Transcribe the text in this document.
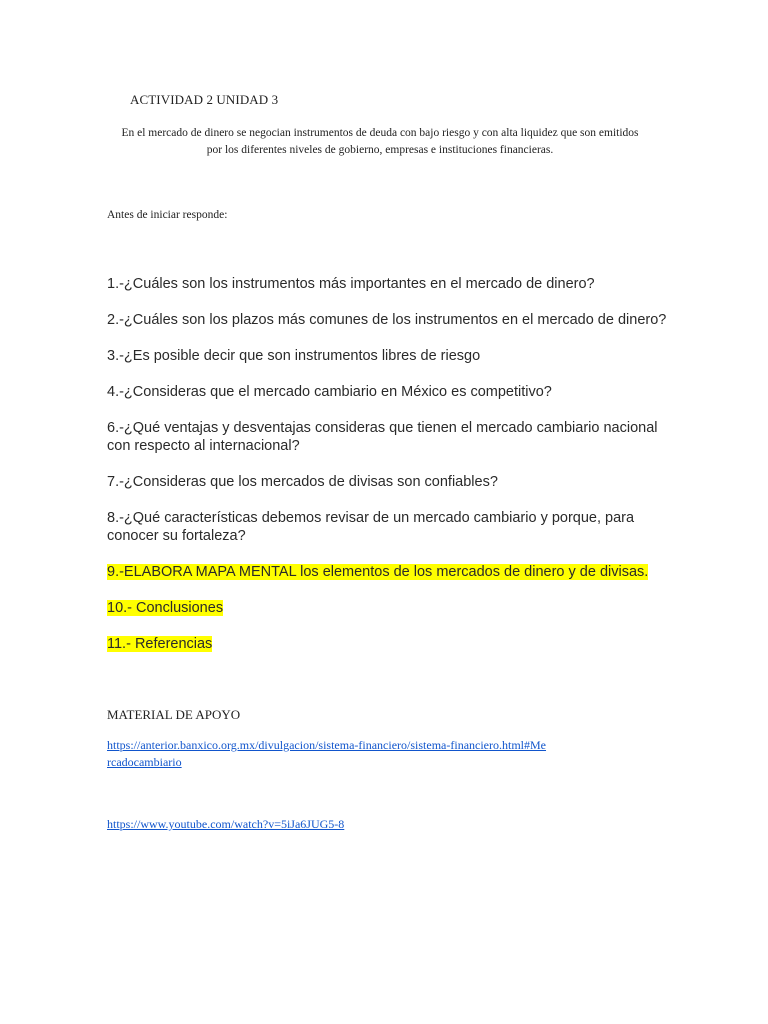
ACTIVIDAD 2 UNIDAD 3
En el mercado de dinero se negocian instrumentos de deuda con bajo riesgo y con alta liquidez que son emitidos por los diferentes niveles de gobierno, empresas e instituciones financieras.
Antes de iniciar responde:
1.-¿Cuáles son los instrumentos más importantes en el mercado de dinero?
2.-¿Cuáles son los plazos más comunes de los instrumentos en el mercado de dinero?
3.-¿Es posible decir que son instrumentos libres de riesgo
4.-¿Consideras que el mercado cambiario en México es competitivo?
6.-¿Qué ventajas y desventajas consideras que tienen el mercado cambiario nacional con respecto al internacional?
7.-¿Consideras que los mercados de divisas son confiables?
8.-¿Qué características debemos revisar de un mercado cambiario y porque, para conocer su fortaleza?
9.-ELABORA MAPA MENTAL los elementos de los mercados de dinero y de divisas.
10.- Conclusiones
11.- Referencias
MATERIAL DE APOYO
https://anterior.banxico.org.mx/divulgacion/sistema-financiero/sistema-financiero.html#Mercadocambiario
https://www.youtube.com/watch?v=5iJa6JUG5-8
